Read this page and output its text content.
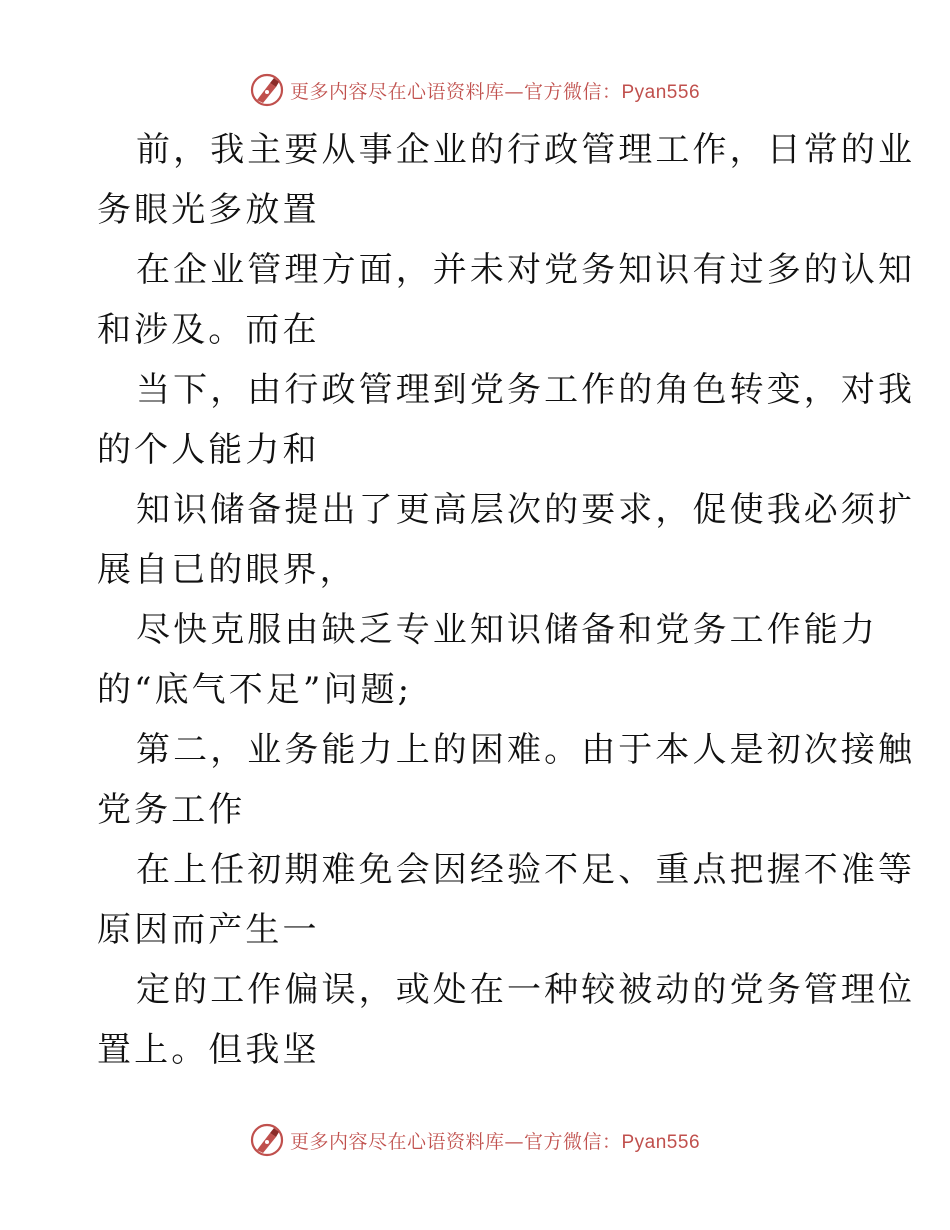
更多内容尽在心语资料库—官方微信：Pyan556
前，我主要从事企业的行政管理工作，日常的业
务眼光多放置
在企业管理方面，并未对党务知识有过多的认知
和涉及。而在
当下，由行政管理到党务工作的角色转变，对我
的个人能力和
知识储备提出了更高层次的要求，促使我必须扩
展自已的眼界，
尽快克服由缺乏专业知识储备和党务工作能力
的“底气不足”问题;
第二，业务能力上的困难。由于本人是初次接触
党务工作
在上任初期难免会因经验不足、重点把握不准等
原因而产生一
定的工作偏误，或处在一种较被动的党务管理位
置上。但我坚
更多内容尽在心语资料库—官方微信：Pyan556
